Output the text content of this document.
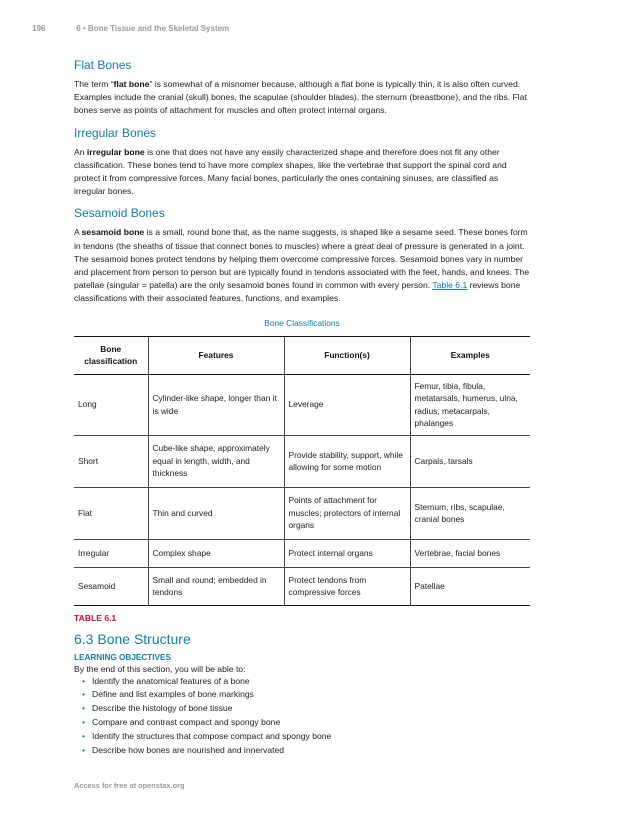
196	6 • Bone Tissue and the Skeletal System
Flat Bones

The term “flat bone” is somewhat of a misnomer because, although a flat bone is typically thin, it is also often curved. Examples include the cranial (skull) bones, the scapulae (shoulder blades), the sternum (breastbone), and the ribs. Flat bones serve as points of attachment for muscles and often protect internal organs.

Irregular Bones

An irregular bone is one that does not have any easily characterized shape and therefore does not fit any other classification. These bones tend to have more complex shapes, like the vertebrae that support the spinal cord and protect it from compressive forces. Many facial bones, particularly the ones containing sinuses, are classified as irregular bones.

Sesamoid Bones

A sesamoid bone is a small, round bone that, as the name suggests, is shaped like a sesame seed. These bones form in tendons (the sheaths of tissue that connect bones to muscles) where a great deal of pressure is generated in a joint. The sesamoid bones protect tendons by helping them overcome compressive forces. Sesamoid bones vary in number and placement from person to person but are typically found in tendons associated with the feet, hands, and knees. The patellae (singular = patella) are the only sesamoid bones found in common with every person. Table 6.1 reviews bone classifications with their associated features, functions, and examples.

Bone Classifications
Bone classification	Features	Function(s)	Examples
Long	Cylinder-like shape, longer than it is wide	Leverage	Femur, tibia, fibula, metatarsals, humerus, ulna, radius, metacarpals, phalanges
Short	Cube-like shape, approximately equal in length, width, and thickness	Provide stability, support, while allowing for some motion	Carpals, tarsals
Flat	Thin and curved	Points of attachment for muscles; protectors of internal organs	Sternum, ribs, scapulae, cranial bones
Irregular	Complex shape	Protect internal organs	Vertebrae, facial bones
Sesamoid	Small and round; embedded in tendons	Protect tendons from compressive forces	Patellae
TABLE 6.1
6.3 Bone Structure
LEARNING OBJECTIVES
By the end of this section, you will be able to:
• Identify the anatomical features of a bone
• Define and list examples of bone markings
• Describe the histology of bone tissue
• Compare and contrast compact and spongy bone
• Identify the structures that compose compact and spongy bone
• Describe how bones are nourished and innervated
Access for free at openstax.org
